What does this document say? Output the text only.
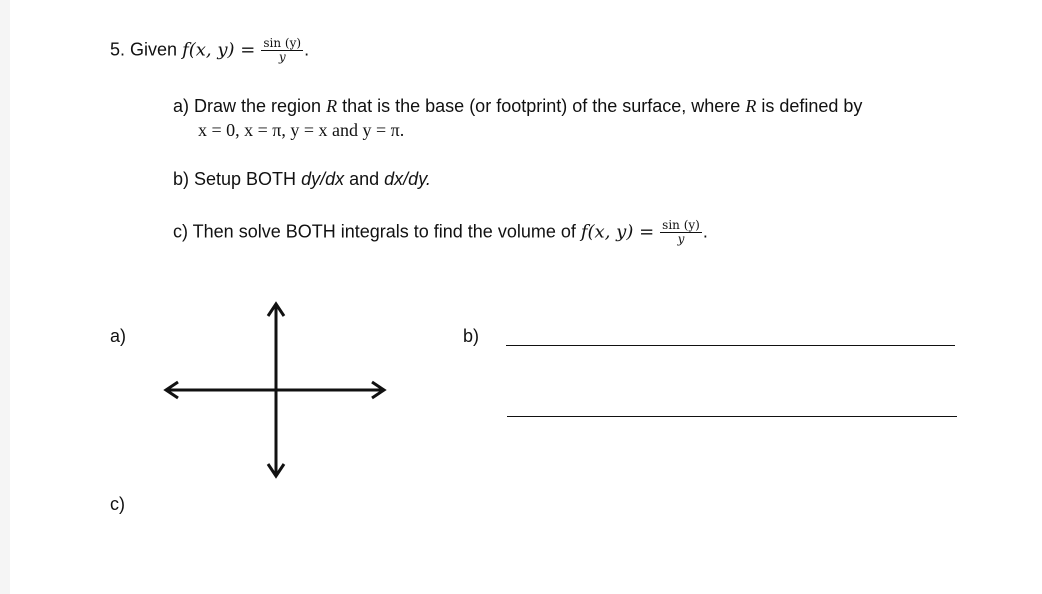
5. Given f(x, $y) = \frac{\sin (y)}{y}$ .
a) Draw the region R that is the base (or footprint) of the surface, where R is defined by
x = 0, x = π, y = x and y = π.
b) Setup BOTH dy/dx and dx/dy.
c) Then solve BOTH integrals to find the volume of f(x, $y) = \frac{\sin (y)}{y}$ .
a)	b)
c)
